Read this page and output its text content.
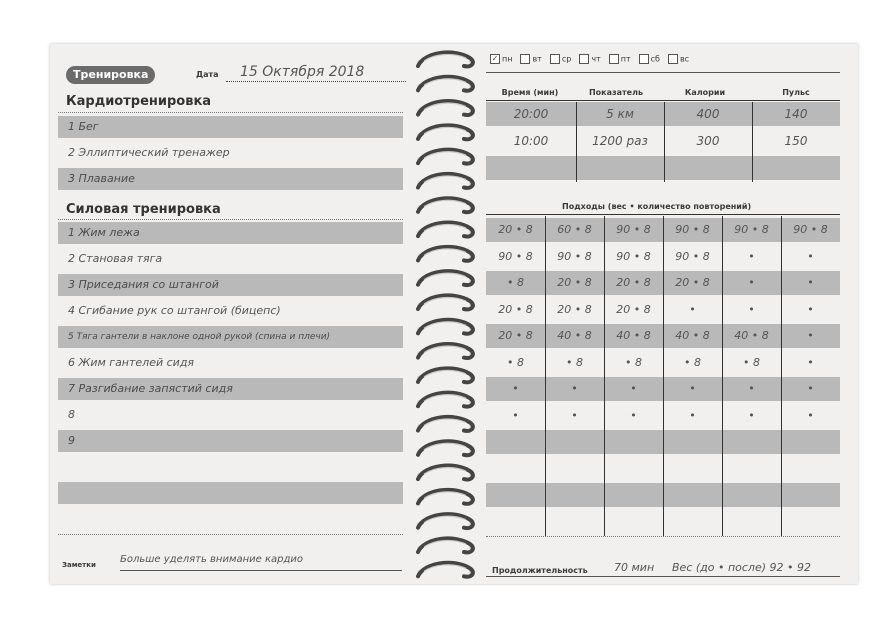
Тренировка	Дата	15 Октября 2018
Кардиотренировка
1 Бег
2 Эллиптический тренажер
3 Плавание
Силовая тренировка
1 Жим лежа
2 Становая тяга
3 Приседания со штангой
4 Сгибание рук со штангой (бицепс)
5 Тяга гантели в наклоне одной рукой (спина и плечи)
6 Жим гантелей сидя
7 Разгибание запястий сидя
8
9
Заметки Больше уделять внимание кардио
✓ пн	вт	ср	чт	пт	сб	вс
Время (мин)	Показатель	Калории	Пульс
20:00	5 км	400	140
10:00	1200 раз	300	150
Подходы (вес • количество повторений)
20 • 8	60 • 8	90 • 8	90 • 8	90 • 8	90 • 8
90 • 8	90 • 8	90 • 8	90 • 8	•	•
• 8	20 • 8	20 • 8	20 • 8	•	•
20 • 8	20 • 8	20 • 8	•	•	•
20 • 8	40 • 8	40 • 8	40 • 8	40 • 8	•
• 8	• 8	• 8	• 8	• 8	•
•	•	•	•	•	•
•	•	•	•	•	•
Продолжительность 70 мин Вес (до • после) 92 • 92
